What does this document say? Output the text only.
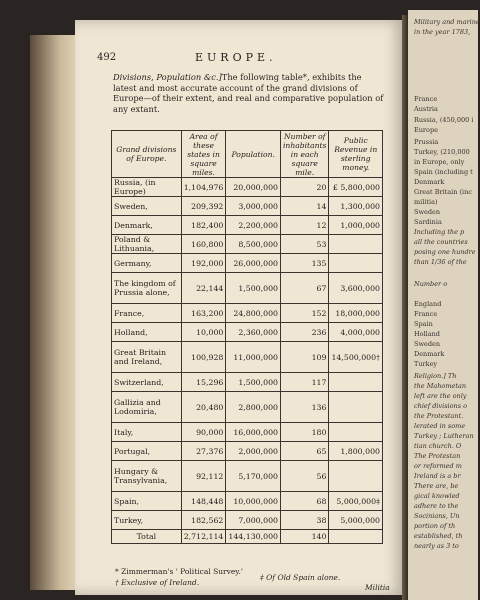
492	EUROPE.
Divisions, Population &c.]The following table*, exhibits the latest and most accurate account of the grand divisions of Europe—of their extent, and real and comparative population of any extant.
Grand divisions of Europe.	Area of these states in square miles.	Population.	Number of inhabitants in each square mile.	Public Revenue in sterling money.
Russia, (in Europe)	1,104,976	20,000,000	20	£ 5,800,000
Sweden,	209,392	3,000,000	14	1,300,000
Denmark,	182,400	2,200,000	12	1,000,000
Poland & Lithuania,	160,800	8,500,000	53	
Germany,	192,000	26,000,000	135	
The kingdom of Prussia alone,	22,144	1,500,000	67	3,600,000
France,	163,200	24,800,000	152	18,000,000
Holland,	10,000	2,360,000	236	4,000,000
Great Britain and Ireland,	100,928	11,000,000	109	14,500,000†
Switzerland,	15,296	1,500,000	117	
Gallizia and Lodomiria,	20,480	2,800,000	136	
Italy,	90,000	16,000,000	180	
Portugal,	27,376	2,000,000	65	1,800,000
Hungary & Transylvania,	92,112	5,170,000	56	
Spain,	148,448	10,000,000	68	5,000,000‡
Turkey,	182,562	7,000,000	38	5,000,000
Total	2,712,114	144,130,000	140	
* Zimmerman's ' Political Survey.'
† Exclusive of Ireland.
‡ Of Old Spain alone.
Militia
Military and marine
in the year 1783,
France
Austria
Russia, (450,000 i
Europe
Prussia
Turkey, (210,000
in Europe, only
Spain (including t
Denmark
Great Britain (inc
militia)
Sweden
Sardinia
Including the p
all the countries
posing one hundre
than 1/36 of the
Number o
England
France
Spain
Holland
Sweden
Denmark
Turkey
Religion.] Th
the Mahometan
left are the only
chief divisions o
the Protestant.
lerated in some
Turkey ; Lutheran
tian church. O
The Protestan
or reformed m
Ireland is a br
There are, be
gical knowled
adhere to the
Socinians, Un
portion of th
established, th
nearly as 3 to
